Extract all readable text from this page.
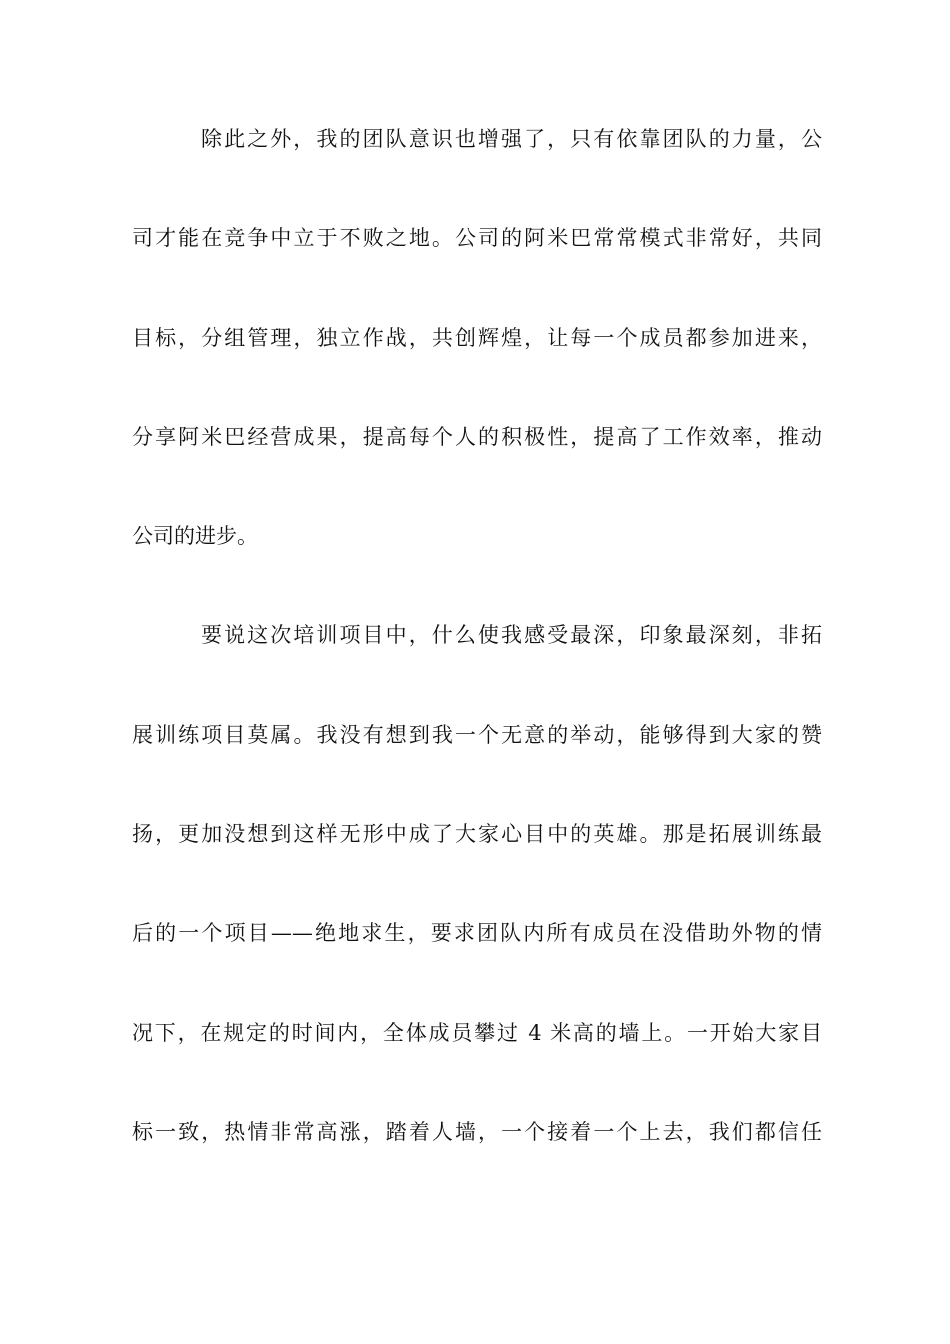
除此之外，我的团队意识也增强了，只有依靠团队的力量，公
司才能在竞争中立于不败之地。公司的阿米巴常常模式非常好，共同
目标，分组管理，独立作战，共创辉煌，让每一个成员都参加进来，
分享阿米巴经营成果，提高每个人的积极性，提高了工作效率，推动
公司的进步。
要说这次培训项目中，什么使我感受最深，印象最深刻，非拓
展训练项目莫属。我没有想到我一个无意的举动，能够得到大家的赞
扬，更加没想到这样无形中成了大家心目中的英雄。那是拓展训练最
后的一个项目——绝地求生，要求团队内所有成员在没借助外物的情
况下，在规定的时间内，全体成员攀过 4 米高的墙上。一开始大家目
标一致，热情非常高涨，踏着人墙，一个接着一个上去，我们都信任
